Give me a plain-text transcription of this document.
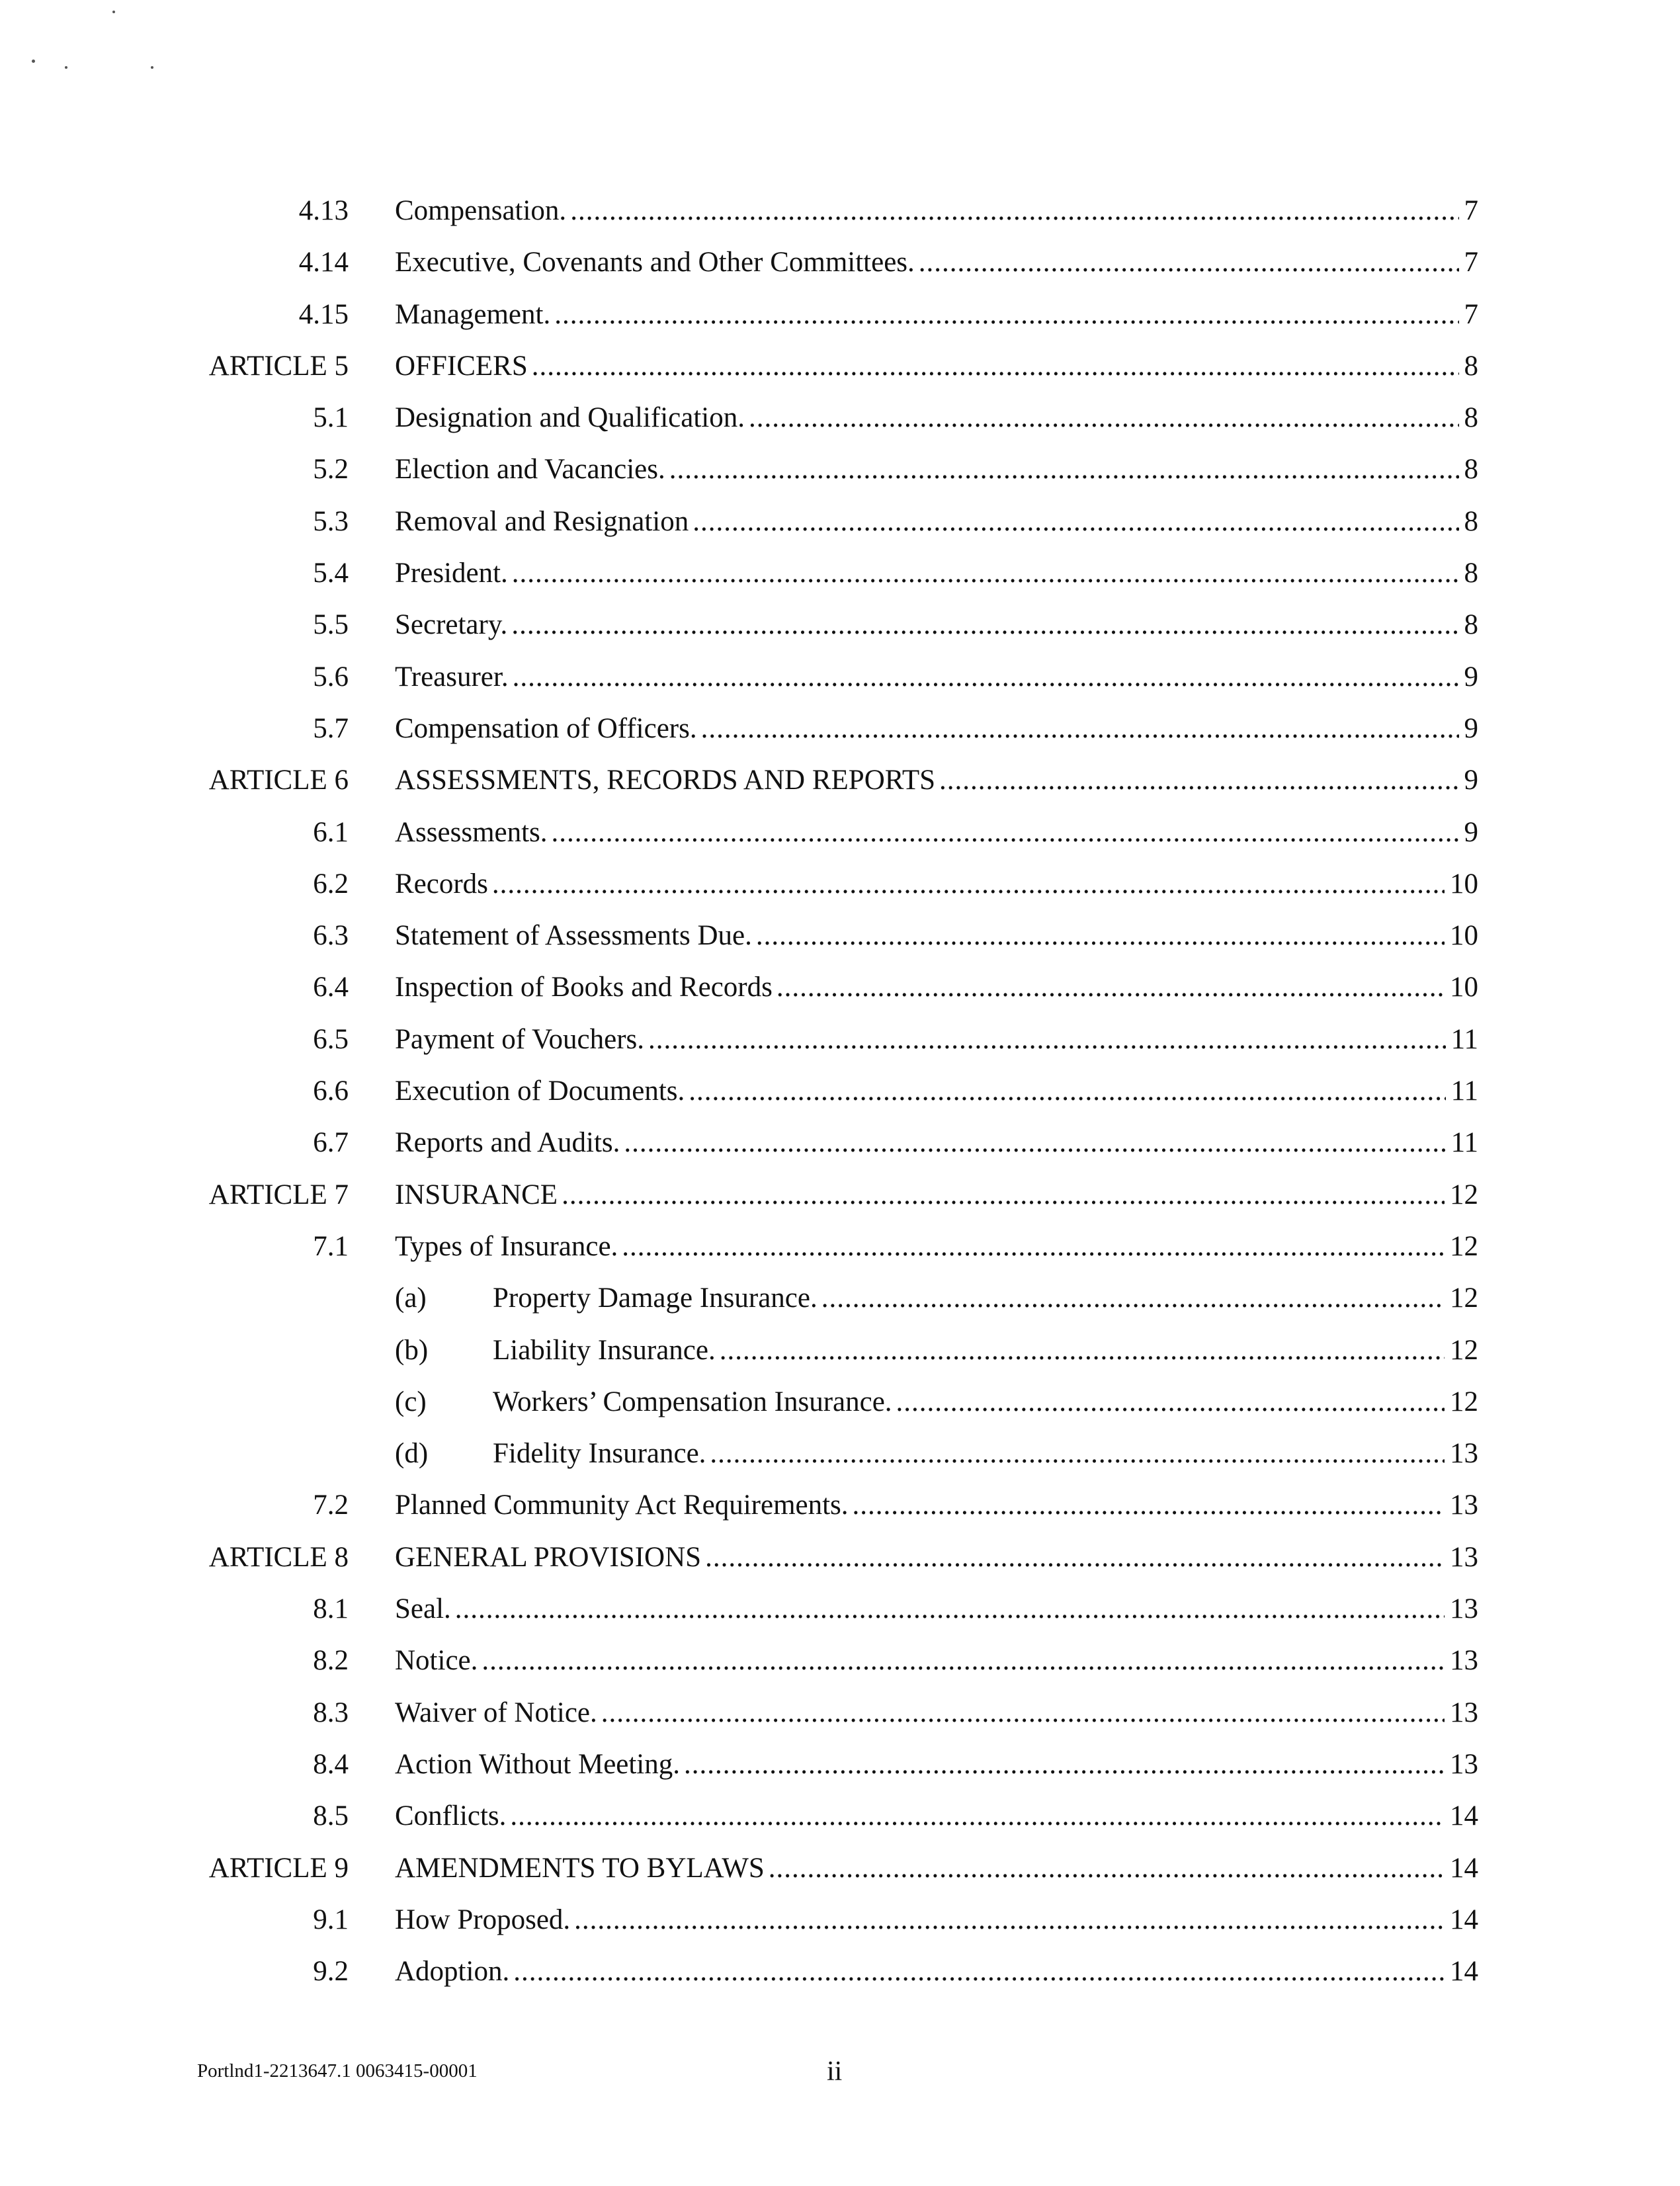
4.13 Compensation. .....	7
4.14 Executive, Covenants and Other Committees. .....	7
4.15 Management. .....	7
ARTICLE 5 OFFICERS .....	8
5.1 Designation and Qualification. .....	8
5.2 Election and Vacancies. .....	8
5.3 Removal and Resignation .....	8
5.4 President. .....	8
5.5 Secretary. .....	8
5.6 Treasurer. .....	9
5.7 Compensation of Officers. .....	9
ARTICLE 6 ASSESSMENTS, RECORDS AND REPORTS .....	9
6.1 Assessments. .....	9
6.2 Records .....	10
6.3 Statement of Assessments Due. .....	10
6.4 Inspection of Books and Records .....	10
6.5 Payment of Vouchers. .....	11
6.6 Execution of Documents. .....	11
6.7 Reports and Audits. .....	11
ARTICLE 7 INSURANCE .....	12
7.1 Types of Insurance. .....	12
(a) Property Damage Insurance. .....	12
(b) Liability Insurance. .....	12
(c) Workers’ Compensation Insurance. .....	12
(d) Fidelity Insurance. .....	13
7.2 Planned Community Act Requirements. .....	13
ARTICLE 8 GENERAL PROVISIONS .....	13
8.1 Seal. .....	13
8.2 Notice. .....	13
8.3 Waiver of Notice. .....	13
8.4 Action Without Meeting. .....	13
8.5 Conflicts. .....	14
ARTICLE 9 AMENDMENTS TO BYLAWS .....	14
9.1 How Proposed. .....	14
9.2 Adoption. .....	14
Portlnd1-2213647.1 0063415-00001	ii
